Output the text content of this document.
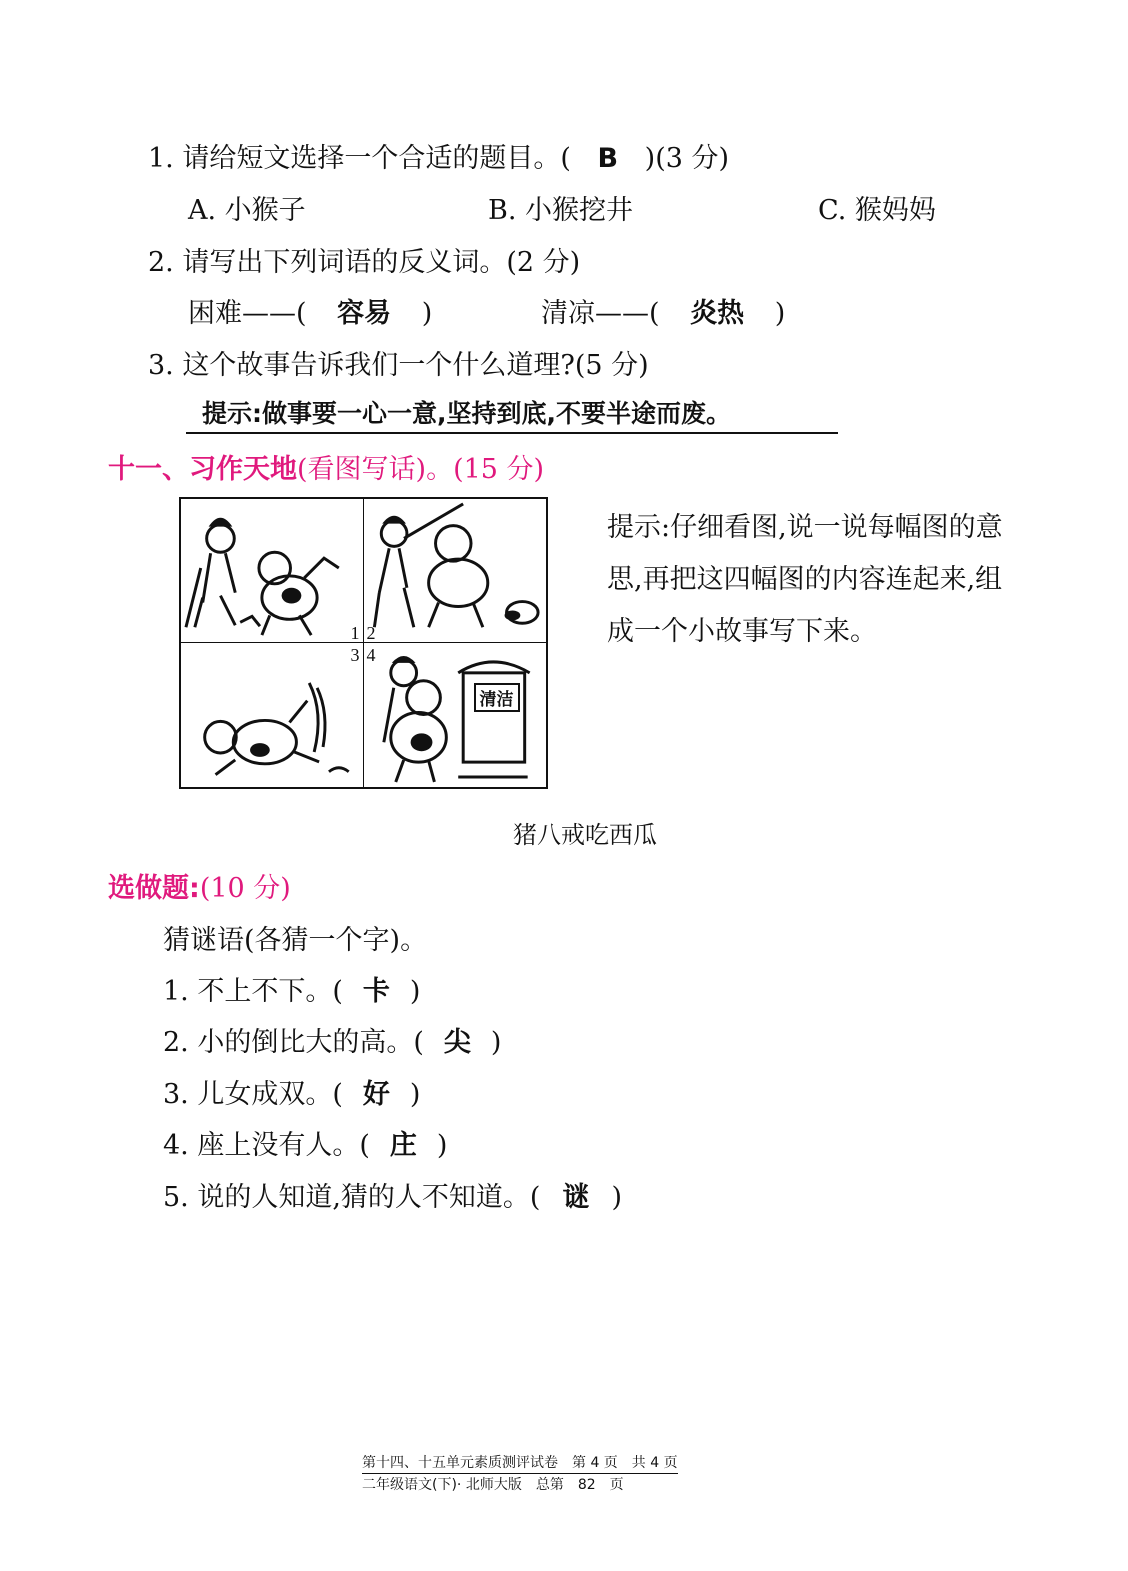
1. 请给短文选择一个合适的题目。( B )(3 分)
A. 小猴子	B. 小猴挖井	C. 猴妈妈
2. 请写出下列词语的反义词。(2 分)
困难——( 容易 )	清凉——( 炎热 )
3. 这个故事告诉我们一个什么道理?(5 分)
提示:做事要一心一意,坚持到底,不要半途而废。
十一、习作天地(看图写话)。(15 分)
1 2
3 4
清洁
提示:仔细看图,说一说每幅图的意思,再把这四幅图的内容连起来,组成一个小故事写下来。
猪八戒吃西瓜
选做题:(10 分)
猜谜语(各猜一个字)。
1. 不上不下。( 卡 )
2. 小的倒比大的高。( 尖 )
3. 儿女成双。( 好 )
4. 座上没有人。( 庄 )
5. 说的人知道,猜的人不知道。( 谜 )
第十四、十五单元素质测评试卷　第 4 页　共 4 页
二年级语文(下)· 北师大版　总第　82　页
